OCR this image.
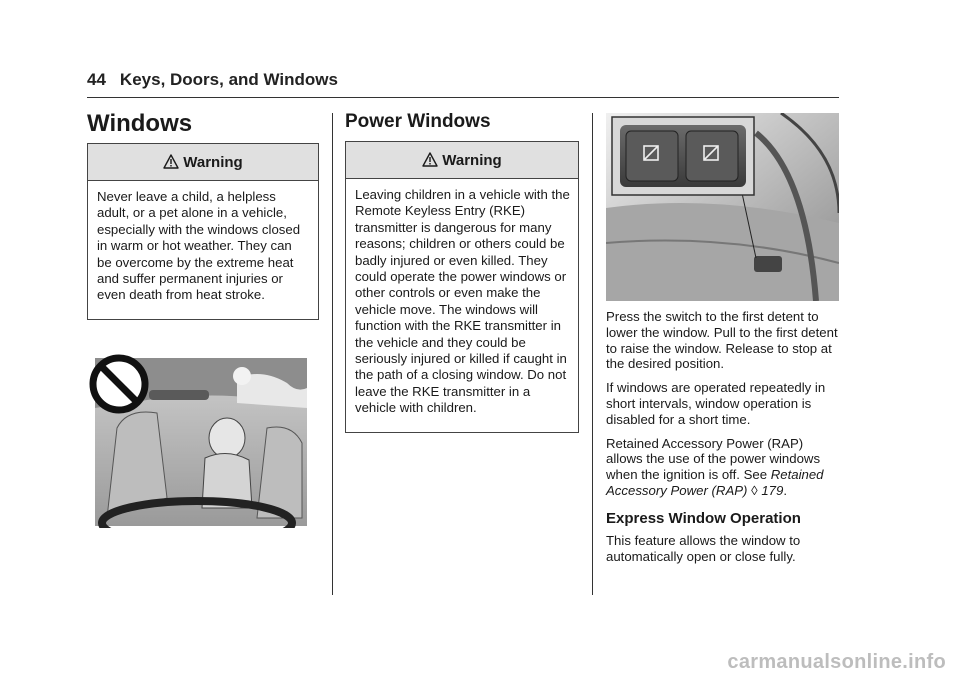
44 Keys, Doors, and Windows
Windows
Warning
Never leave a child, a helpless adult, or a pet alone in a vehicle, especially with the windows closed in warm or hot weather. They can be overcome by the extreme heat and suffer permanent injuries or even death from heat stroke.
Power Windows
Warning
Leaving children in a vehicle with the Remote Keyless Entry (RKE) transmitter is dangerous for many reasons; children or others could be badly injured or even killed. They could operate the power windows or other controls or even make the vehicle move. The windows will function with the RKE transmitter in the vehicle and they could be seriously injured or killed if caught in the path of a closing window. Do not leave the RKE transmitter in a vehicle with children.

Press the switch to the first detent to lower the window. Pull to the first detent to raise the window. Release to stop at the desired position.

If windows are operated repeatedly in short intervals, window operation is disabled for a short time.

Retained Accessory Power (RAP) allows the use of the power windows when the ignition is off. See Retained Accessory Power (RAP) ◊ 179.

Express Window Operation

This feature allows the window to automatically open or close fully.

carmanualsonline.info
